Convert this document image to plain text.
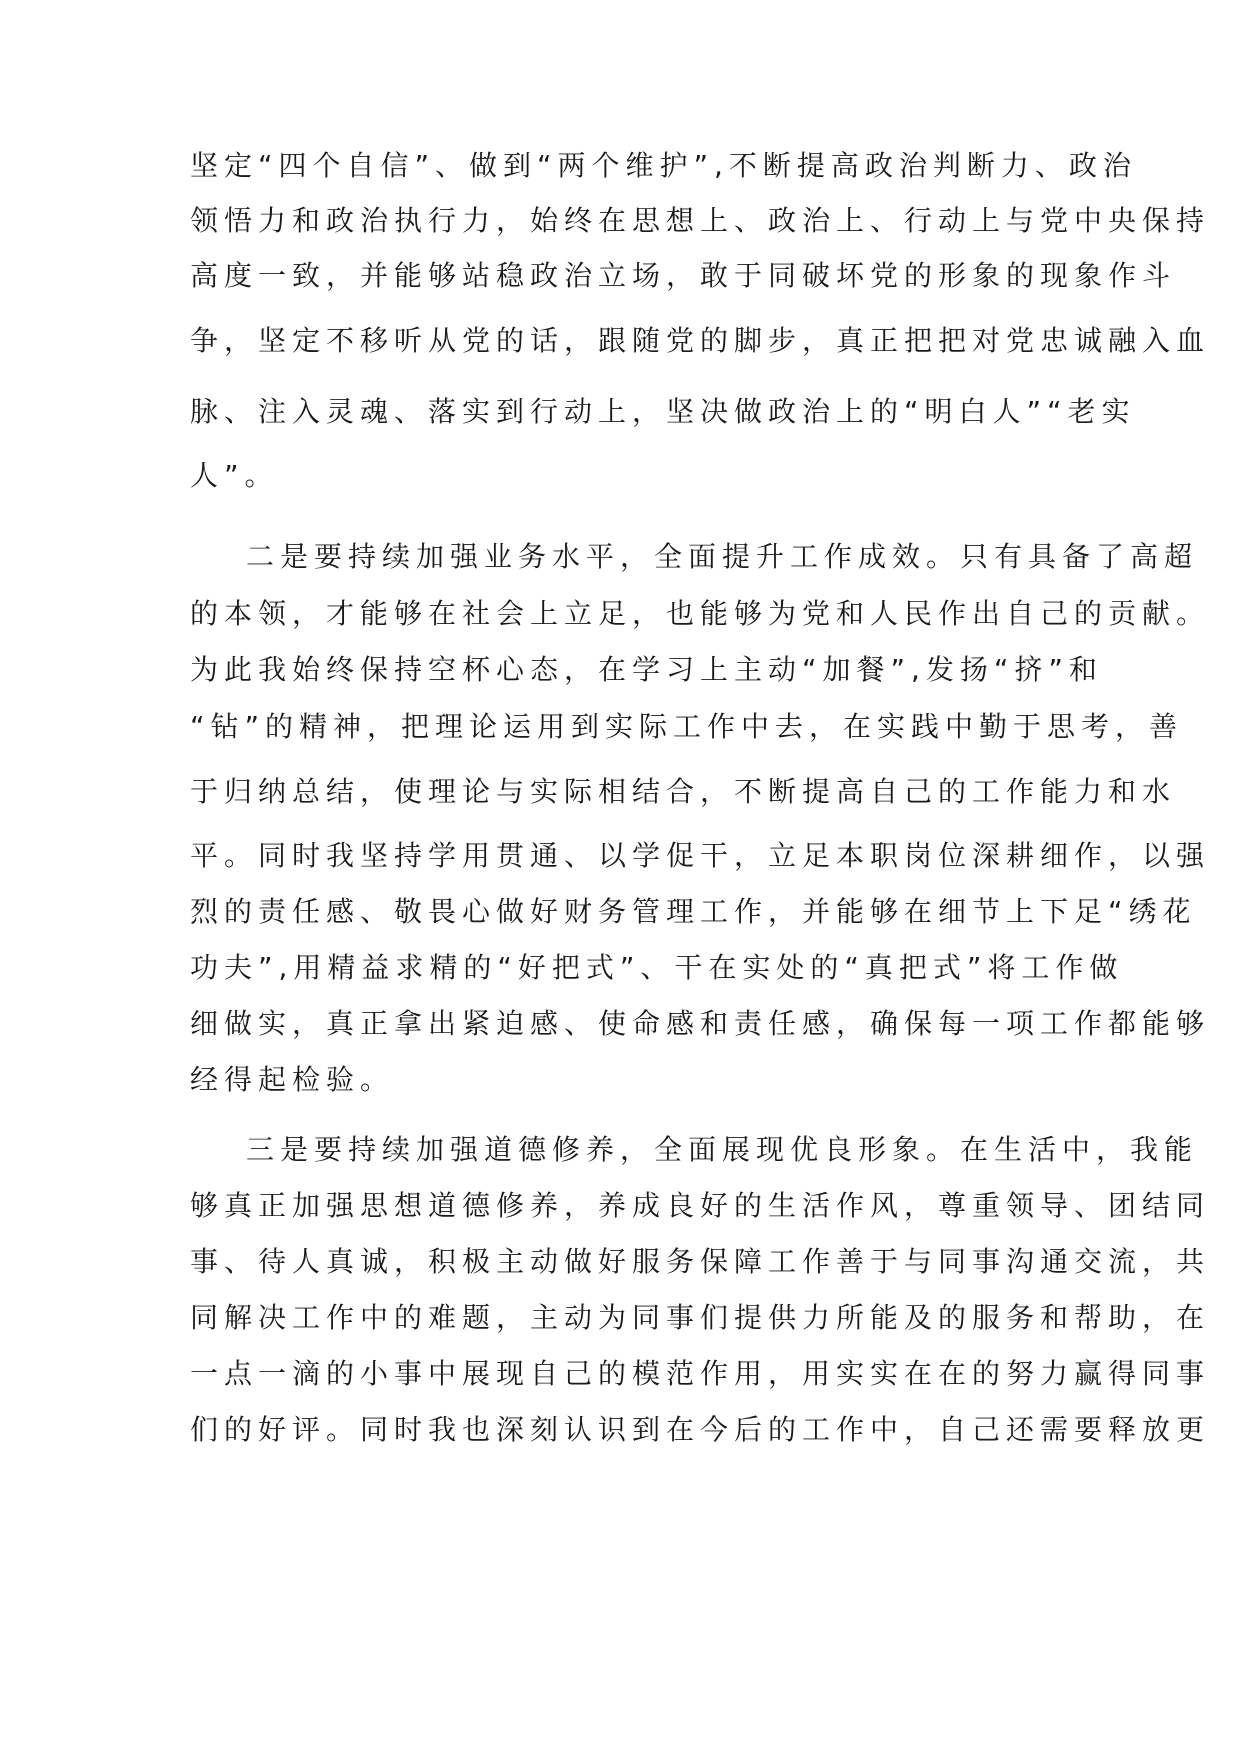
坚定“四个自信”、做到“两个维护”,不断提高政治判断力、政治
领悟力和政治执行力，始终在思想上、政治上、行动上与党中央保持
高度一致，并能够站稳政治立场，敢于同破坏党的形象的现象作斗
争，坚定不移听从党的话，跟随党的脚步，真正把把对党忠诚融入血
脉、注入灵魂、落实到行动上，坚决做政治上的“明白人”“老实
人”。
二是要持续加强业务水平，全面提升工作成效。只有具备了高超
的本领，才能够在社会上立足，也能够为党和人民作出自己的贡献。
为此我始终保持空杯心态，在学习上主动“加餐”,发扬“挤”和
“钻”的精神，把理论运用到实际工作中去，在实践中勤于思考，善
于归纳总结，使理论与实际相结合，不断提高自己的工作能力和水
平。同时我坚持学用贯通、以学促干，立足本职岗位深耕细作，以强
烈的责任感、敬畏心做好财务管理工作，并能够在细节上下足“绣花
功夫”,用精益求精的“好把式”、干在实处的“真把式”将工作做
细做实，真正拿出紧迫感、使命感和责任感，确保每一项工作都能够
经得起检验。
三是要持续加强道德修养，全面展现优良形象。在生活中，我能
够真正加强思想道德修养，养成良好的生活作风，尊重领导、团结同
事、待人真诚，积极主动做好服务保障工作善于与同事沟通交流，共
同解决工作中的难题，主动为同事们提供力所能及的服务和帮助，在
一点一滴的小事中展现自己的模范作用，用实实在在的努力赢得同事
们的好评。同时我也深刻认识到在今后的工作中，自己还需要释放更
